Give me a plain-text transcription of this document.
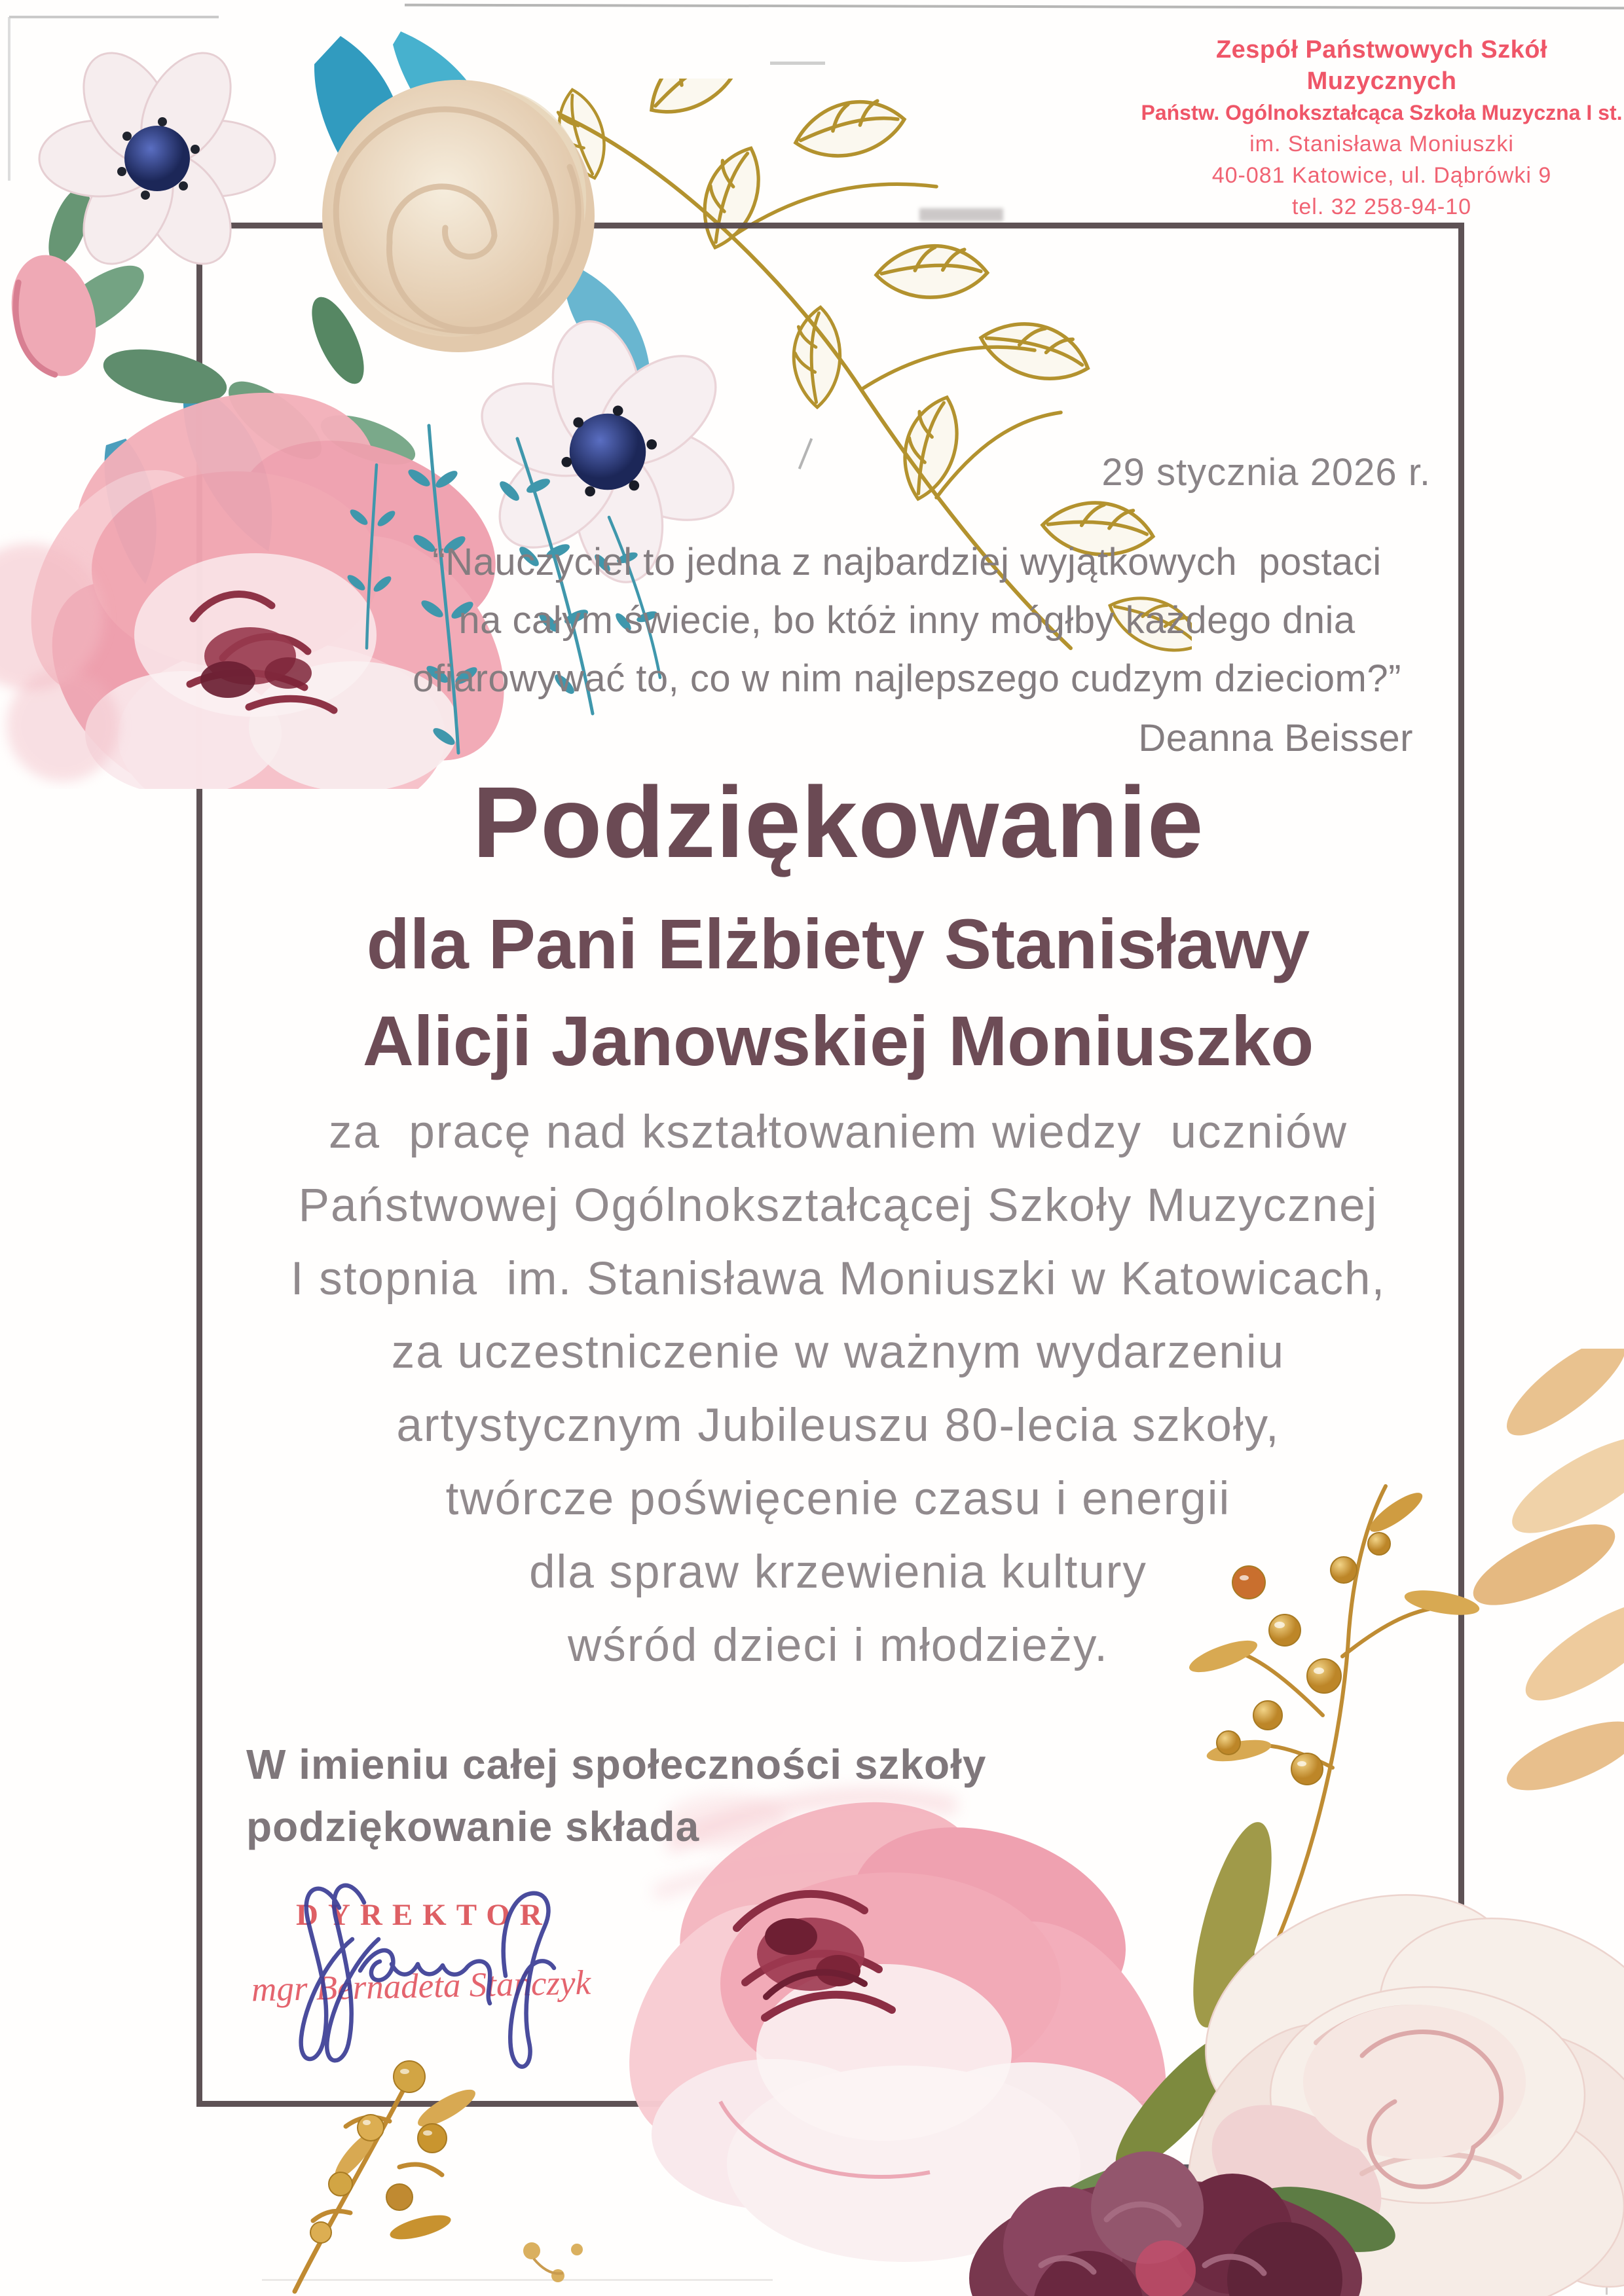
Zespół Państwowych Szkół Muzycznych
Państw. Ogólnokształcąca Szkoła Muzyczna I st.
im. Stanisława Moniuszki
40-081 Katowice, ul. Dąbrówki 9
tel. 32 258-94-10
29 stycznia 2026 r.
“Nauczyciel to jedna z najbardziej wyjątkowych  postaci
na całym świecie, bo któż inny mógłby każdego dnia
ofiarowywać to, co w nim najlepszego cudzym dzieciom?”
Deanna Beisser
Podziękowanie
dla Pani Elżbiety Stanisławy
Alicji Janowskiej Moniuszko
za  pracę nad kształtowaniem wiedzy  uczniów
Państwowej Ogólnokształcącej Szkoły Muzycznej
I stopnia  im. Stanisława Moniuszki w Katowicach,
za uczestniczenie w ważnym wydarzeniu
artystycznym Jubileuszu 80-lecia szkoły,
twórcze poświęcenie czasu i energii
dla spraw krzewienia kultury
wśród dzieci i młodzieży.
W imieniu całej społeczności szkoły
podziękowanie składa
DYREKTOR
mgr Bernadeta Stańczyk
